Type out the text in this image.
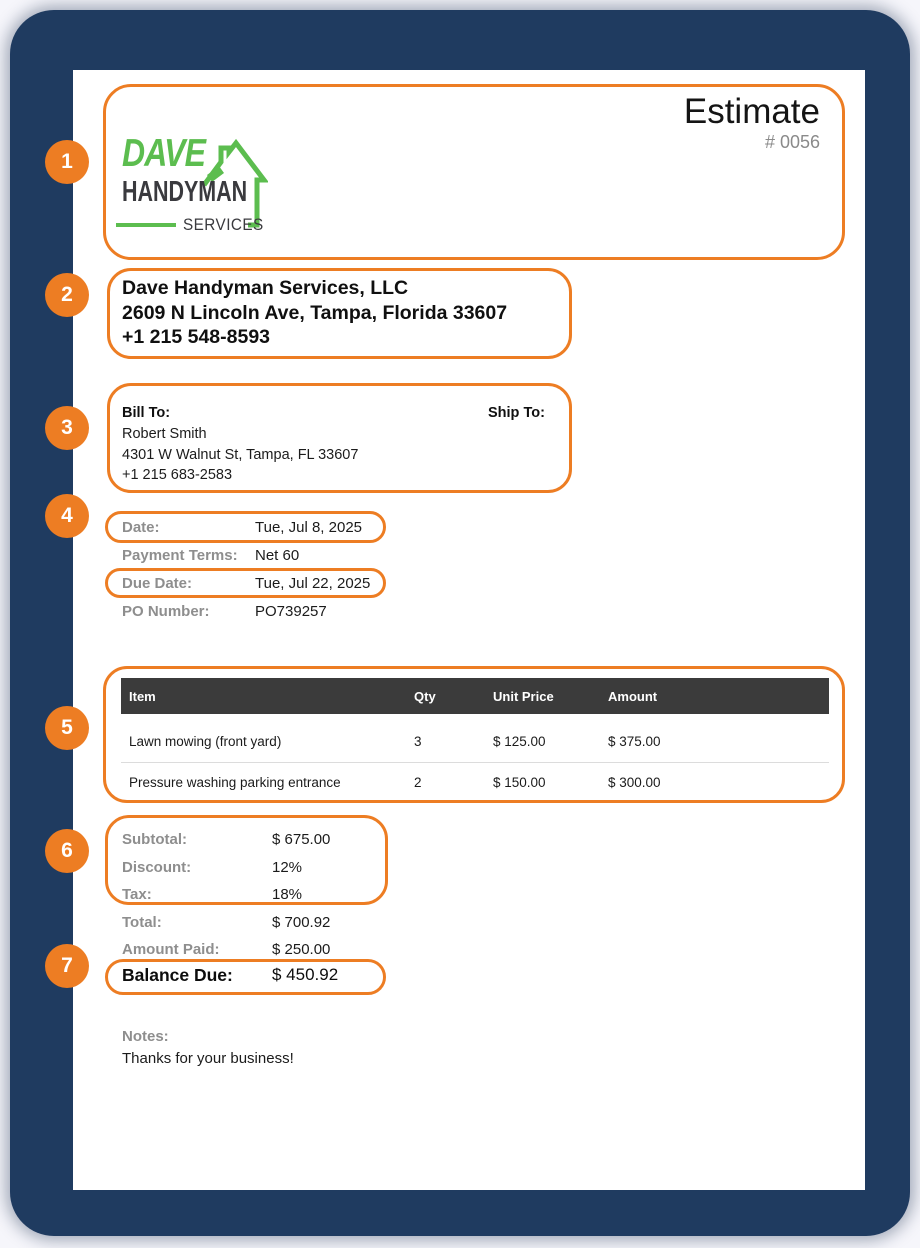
Estimate
# 0056
DAVE
HANDYMAN
SERVICES
Dave Handyman Services, LLC
2609 N Lincoln Ave, Tampa, Florida 33607
+1 215 548-8593
Bill To:	Ship To:
Robert Smith
4301 W Walnut St, Tampa, FL 33607
+1 215 683-2583
Date:	Tue, Jul 8, 2025
Payment Terms: Net 60
Due Date:	Tue, Jul 22, 2025
PO Number:	PO739257
Item	Qty	Unit Price	Amount
Lawn mowing (front yard)	3	$ 125.00	$ 375.00
Pressure washing parking entrance	2	$ 150.00	$ 300.00
Subtotal:	$ 675.00
Discount:	12%
Tax:	18%
Total:	$ 700.92
Amount Paid:	$ 250.00
Balance Due: $ 450.92
Notes:
Thanks for your business!
1
2
3
4
5
6
7
